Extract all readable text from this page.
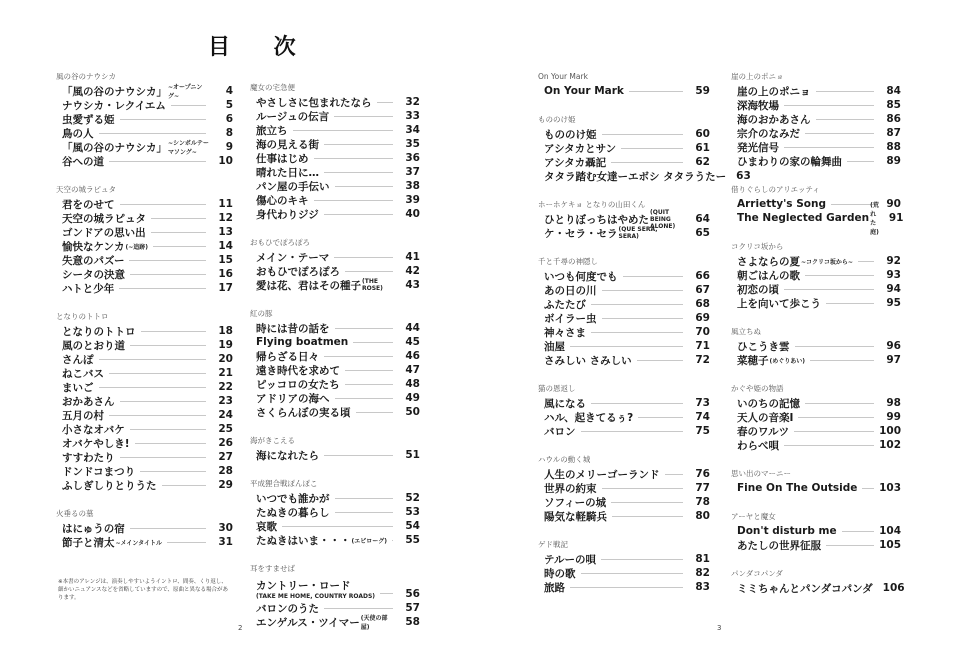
目 次
風の谷のナウシカ
「風の谷のナウシカ」 ~オープニング~	4
ナウシカ・レクイエム	5
虫愛ずる姫	6
鳥の人	8
「風の谷のナウシカ」 ~シンボルテーマソング~	9
谷への道	10
天空の城ラピュタ
君をのせて	11
天空の城ラピュタ	12
ゴンドアの思い出	13
愉快なケンカ (~追跡)	14
失意のパズー	15
シータの決意	16
ハトと少年	17
となりのトトロ
となりのトトロ	18
風のとおり道	19
さんぽ	20
ねこバス	21
まいご	22
おかあさん	23
五月の村	24
小さなオバケ	25
オバケやしき!	26
すすわたり	27
ドンドコまつり	28
ふしぎしりとりうた	29
火垂るの墓
はにゅうの宿	30
節子と清太 ~メインタイトル	31
魔女の宅急便
やさしさに包まれたなら	32
ルージュの伝言	33
旅立ち	34
海の見える街	35
仕事はじめ	36
晴れた日に…	37
パン屋の手伝い	38
傷心のキキ	39
身代わりジジ	40
おもひでぽろぽろ
メイン・テーマ	41
おもひでぽろぽろ	42
愛は花、君はその種子 (THE ROSE)	43
紅の豚
時には昔の話を	44
Flying boatmen	45
帰らざる日々	46
遠き時代を求めて	47
ピッコロの女たち	48
アドリアの海へ	49
さくらんぼの実る頃	50
海がきこえる
海になれたら	51
平成狸合戦ぽんぽこ
いつでも誰かが	52
たぬきの暮らし	53
哀歌	54
たぬきはいま・・・ (エピローグ)	55
耳をすませば
カントリー・ロード
(TAKE ME HOME, COUNTRY ROADS)	56
バロンのうた	57
エンゲルス・ツイマー (天使の部屋)	58
On Your Mark
On Your Mark	59
もののけ姫
もののけ姫	60
アシタカとサン	61
アシタカ聶記	62
タタラ踏む女達ーエボシ タタラうたー 63
ホーホケキョ となりの山田くん
ひとりぼっちはやめた
(QUIT BEING ALONE)
64
ケ・セラ・セラ (QUE SERA, SERA)	65
千と千尋の神隠し
いつも何度でも	66
あの日の川	67
ふたたび	68
ボイラー虫	69
神々さま	70
油屋	71
さみしい さみしい	72
猫の恩返し
風になる	73
ハル、起きてるぅ?	74
バロン	75
ハウルの動く城
人生のメリーゴーランド	76
世界の約束	77
ソフィーの城	78
陽気な軽騎兵	80
ゲド戦記
テルーの唄	81
時の歌	82
旅路	83
崖の上のポニョ
崖の上のポニョ	84
深海牧場	85
海のおかあさん	86
宗介のなみだ	87
発光信号	88
ひまわりの家の輪舞曲	89
借りぐらしのアリエッティ
Arrietty's Song	90
The Neglected Garden
(荒れた庭)
91
コクリコ坂から
さよならの夏 ~コクリコ坂から~	92
朝ごはんの歌	93
初恋の頃	94
上を向いて歩こう	95
風立ちぬ
ひこうき雲	96
菜穂子 (めぐりあい)	97
かぐや姫の物語
いのちの記憶	98
天人の音楽I	99
春のワルツ	100
わらべ唄	102
思い出のマーニー
Fine On The Outside 103
アーヤと魔女
Don't disturb me	104
あたしの世界征服	105
パンダコパンダ
ミミちゃんとパンダコパンダ 106
※本書のアレンジは、演奏しやすいようイントロ、間奏、くり返し、細かいニュアンスなどを省略していますので、原曲と異なる場合があります。
2	3
